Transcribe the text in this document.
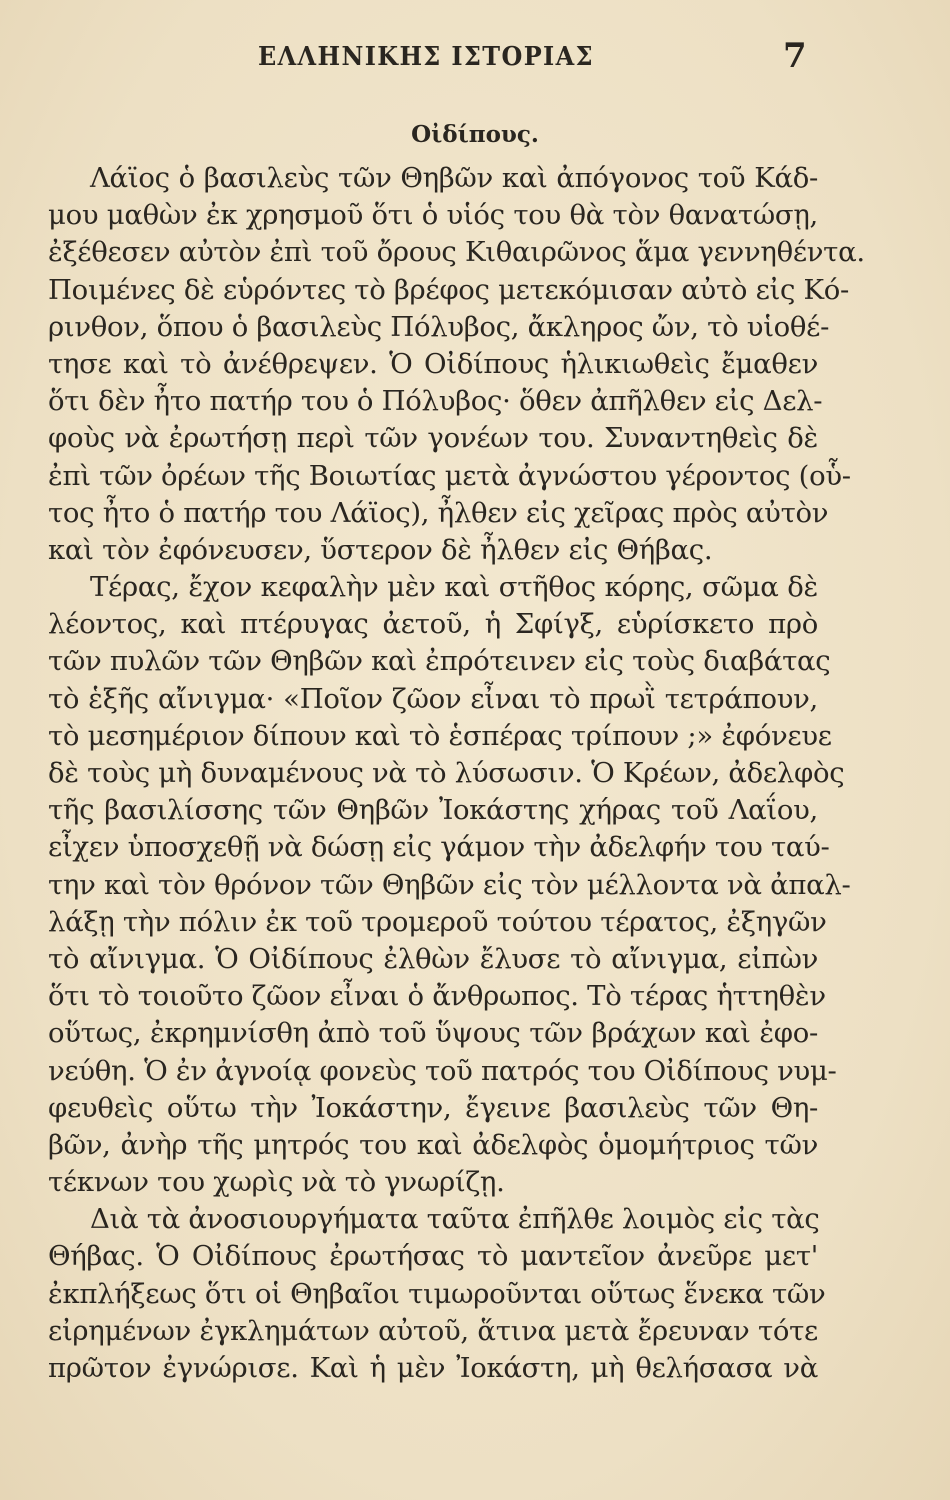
ΕΛΛΗΝΙΚΗΣ ΙΣΤΟΡΙΑΣ	7
Οἰδίπους.
Λάϊος ὁ βασιλεὺς τῶν Θηβῶν καὶ ἀπόγονος τοῦ Κάδ-
μου μαθὼν ἐκ χρησμοῦ ὅτι ὁ υἱός του θὰ τὸν θανατώσῃ,
ἐξέθεσεν αὐτὸν ἐπὶ τοῦ ὄρους Κιθαιρῶνος ἅμα γεννηθέντα.
Ποιμένες δὲ εὑρόντες τὸ βρέφος μετεκόμισαν αὐτὸ εἰς Κό-
ρινθον, ὅπου ὁ βασιλεὺς Πόλυβος, ἄκληρος ὤν, τὸ υἱοθέ-
τησε καὶ τὸ ἀνέθρεψεν. Ὁ Οἰδίπους ἡλικιωθεὶς ἔμαθεν
ὅτι δὲν ἦτο πατήρ του ὁ Πόλυβος· ὅθεν ἀπῆλθεν εἰς Δελ-
φοὺς νὰ ἐρωτήσῃ περὶ τῶν γονέων του. Συναντηθεὶς δὲ
ἐπὶ τῶν ὀρέων τῆς Βοιωτίας μετὰ ἀγνώστου γέροντος (οὗ-
τος ἦτο ὁ πατήρ του Λάϊος), ἦλθεν εἰς χεῖρας πρὸς αὐτὸν
καὶ τὸν ἐφόνευσεν, ὕστερον δὲ ἦλθεν εἰς Θήβας.
Τέρας, ἔχον κεφαλὴν μὲν καὶ στῆθος κόρης, σῶμα δὲ
λέοντος, καὶ πτέρυγας ἀετοῦ, ἡ Σφίγξ, εὑρίσκετο πρὸ
τῶν πυλῶν τῶν Θηβῶν καὶ ἐπρότεινεν εἰς τοὺς διαβάτας
τὸ ἑξῆς αἴνιγμα· «Ποῖον ζῶον εἶναι τὸ πρωῒ τετράπουν,
τὸ μεσημέριον δίπουν καὶ τὸ ἑσπέρας τρίπουν ;» ἐφόνευε
δὲ τοὺς μὴ δυναμένους νὰ τὸ λύσωσιν. Ὁ Κρέων, ἀδελφὸς
τῆς βασιλίσσης τῶν Θηβῶν Ἰοκάστης χήρας τοῦ Λαΐου,
εἶχεν ὑποσχεθῇ νὰ δώσῃ εἰς γάμον τὴν ἀδελφήν του ταύ-
την καὶ τὸν θρόνον τῶν Θηβῶν εἰς τὸν μέλλοντα νὰ ἀπαλ-
λάξῃ τὴν πόλιν ἐκ τοῦ τρομεροῦ τούτου τέρατος, ἐξηγῶν
τὸ αἴνιγμα. Ὁ Οἰδίπους ἐλθὼν ἔλυσε τὸ αἴνιγμα, εἰπὼν
ὅτι τὸ τοιοῦτο ζῶον εἶναι ὁ ἄνθρωπος. Τὸ τέρας ἡττηθὲν
οὕτως, ἐκρημνίσθη ἀπὸ τοῦ ὕψους τῶν βράχων καὶ ἐφο-
νεύθη. Ὁ ἐν ἀγνοίᾳ φονεὺς τοῦ πατρός του Οἰδίπους νυμ-
φευθεὶς οὕτω τὴν Ἰοκάστην, ἔγεινε βασιλεὺς τῶν Θη-
βῶν, ἀνὴρ τῆς μητρός του καὶ ἀδελφὸς ὁμομήτριος τῶν
τέκνων του χωρὶς νὰ τὸ γνωρίζῃ.
Διὰ τὰ ἀνοσιουργήματα ταῦτα ἐπῆλθε λοιμὸς εἰς τὰς
Θήβας. Ὁ Οἰδίπους ἐρωτήσας τὸ μαντεῖον ἀνεῦρε μετ'
ἐκπλήξεως ὅτι οἱ Θηβαῖοι τιμωροῦνται οὕτως ἕνεκα τῶν
εἰρημένων ἐγκλημάτων αὐτοῦ, ἅτινα μετὰ ἔρευναν τότε
πρῶτον ἐγνώρισε. Καὶ ἡ μὲν Ἰοκάστη, μὴ θελήσασα νὰ
